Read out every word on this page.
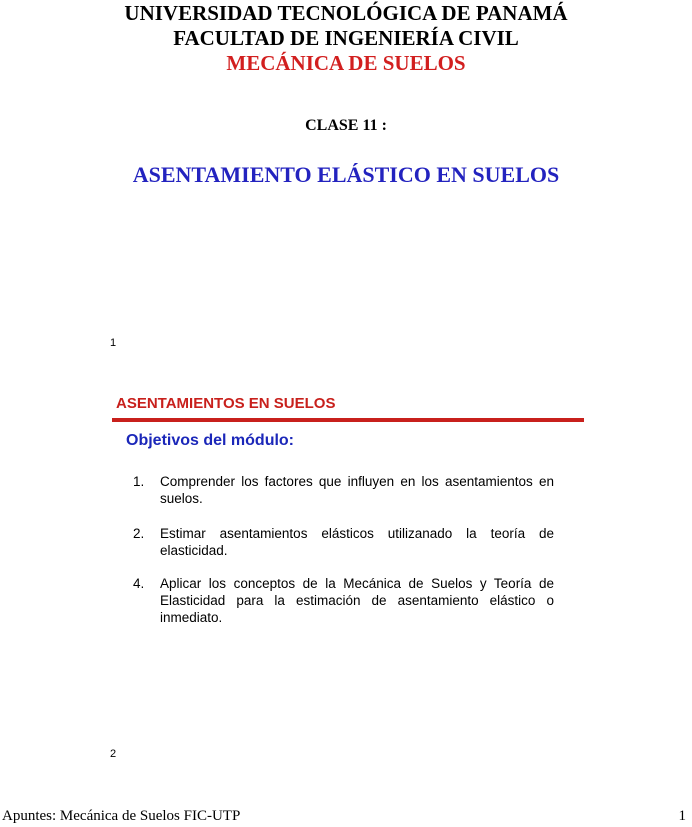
UNIVERSIDAD TECNOLÓGICA DE PANAMÁ
FACULTAD DE INGENIERÍA CIVIL
MECÁNICA DE SUELOS
CLASE 11 :
ASENTAMIENTO ELÁSTICO EN SUELOS
1
ASENTAMIENTOS EN SUELOS
Objetivos del módulo:
1. Comprender los factores que influyen en los asentamientos en suelos.
2. Estimar asentamientos elásticos utilizanado la teoría de elasticidad.
4. Aplicar los conceptos de la Mecánica de Suelos y Teoría de Elasticidad para la estimación de asentamiento elástico o inmediato.
2
Apuntes: Mecánica de Suelos FIC-UTP	1
